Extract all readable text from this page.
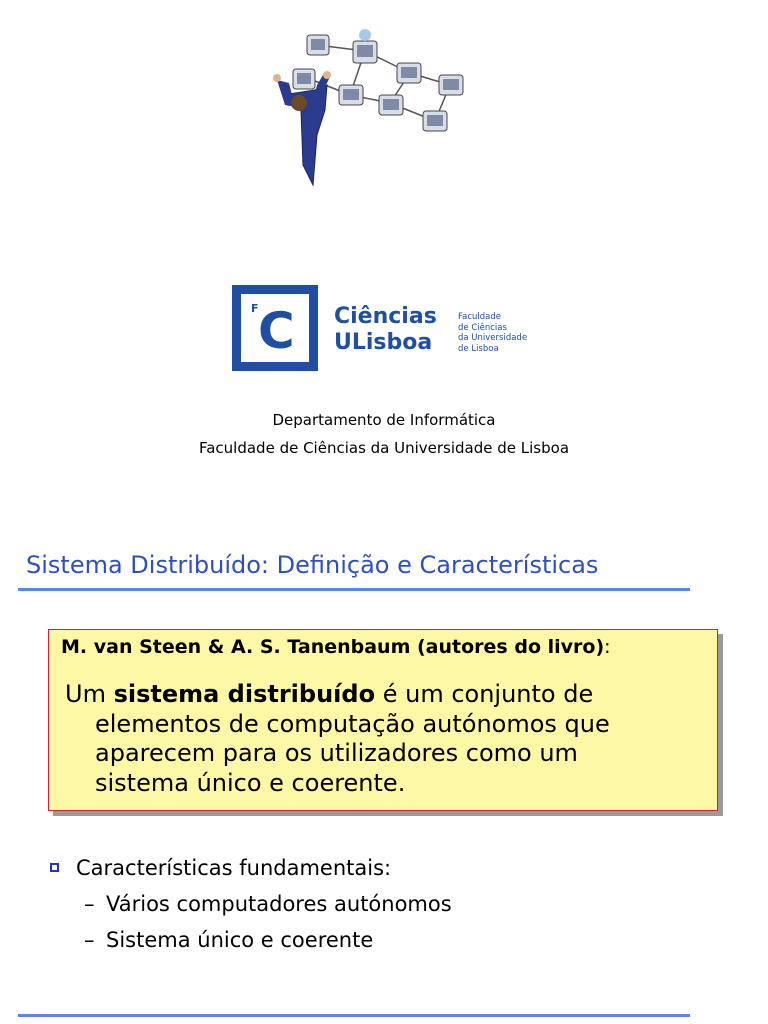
F C Ciências
ULisboa
Faculdade
de Ciências
da Universidade
de Lisboa
Departamento de Informática
Faculdade de Ciências da Universidade de Lisboa
Sistema Distribuído: Definição e Características
M. van Steen & A. S. Tanenbaum (autores do livro):
Um sistema distribuído é um conjunto de
elementos de computação autónomos que
aparecem para os utilizadores como um
sistema único e coerente.
Características fundamentais:
– Vários computadores autónomos
– Sistema único e coerente
